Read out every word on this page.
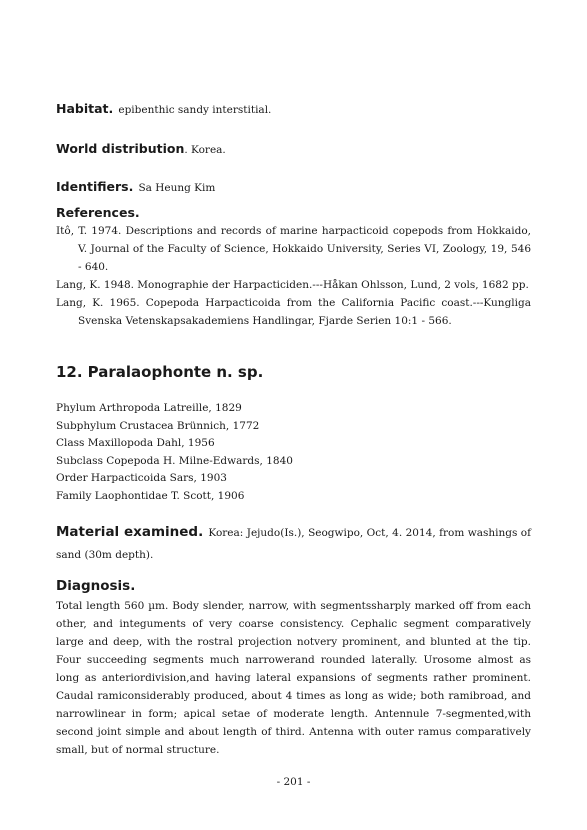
Habitat. epibenthic sandy interstitial.
World distribution. Korea.
Identifiers. Sa Heung Kim
References.

Itô, T. 1974. Descriptions and records of marine harpacticoid copepods from Hokkaido, V. Journal of the Faculty of Science, Hokkaido University, Series VI, Zoology, 19, 546 - 640.

Lang, K. 1948. Monographie der Harpacticiden.---Håkan Ohlsson, Lund, 2 vols, 1682 pp.

Lang, K. 1965. Copepoda Harpacticoida from the California Pacific coast.---Kungliga Svenska Vetenskapsakademiens Handlingar, Fjarde Serien 10:1 - 566.

12. Paralaophonte n. sp.

Phylum Arthropoda Latreille, 1829

Subphylum Crustacea Brünnich, 1772

Class Maxillopoda Dahl, 1956

Subclass Copepoda H. Milne-Edwards, 1840

Order Harpacticoida Sars, 1903

Family Laophontidae T. Scott, 1906

Material examined. Korea: Jejudo(Is.), Seogwipo, Oct, 4. 2014, from washings of sand (30m depth).
Diagnosis.

Total length 560 µm. Body slender, narrow, with segmentssharply marked off from each other, and integuments of very coarse consistency. Cephalic segment comparatively large and deep, with the rostral projection notvery prominent, and blunted at the tip. Four succeeding segments much narrowerand rounded laterally. Urosome almost as long as anteriordivision,and having lateral expansions of segments rather prominent. Caudal ramiconsiderably produced, about 4 times as long as wide; both ramibroad, and narrowlinear in form; apical setae of moderate length. Antennule 7-segmented,with second joint simple and about length of third. Antenna with outer ramus comparatively small, but of normal structure.

- 201 -
